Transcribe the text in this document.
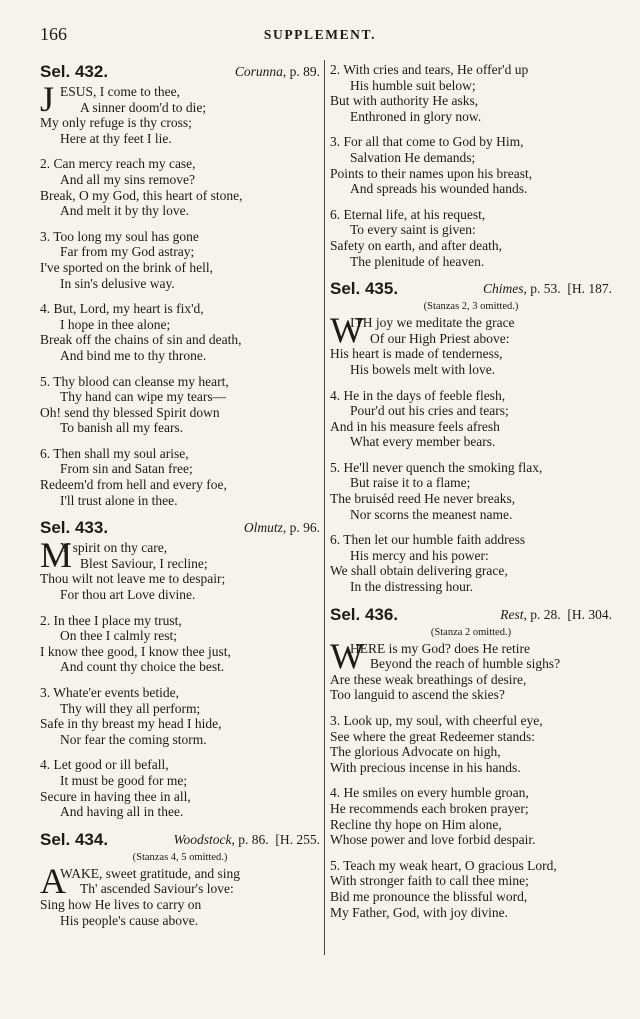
166	SUPPLEMENT.
Sel. 432.	Corunna, p. 89.
J ESUS, I come to thee,
A sinner doom'd to die;
My only refuge is thy cross;
Here at thy feet I lie.
2. Can mercy reach my case,
And all my sins remove?
Break, O my God, this heart of stone,
And melt it by thy love.
3. Too long my soul has gone
Far from my God astray;
I've sported on the brink of hell,
In sin's delusive way.
4. But, Lord, my heart is fix'd,
I hope in thee alone;
Break off the chains of sin and death,
And bind me to thy throne.
5. Thy blood can cleanse my heart,
Thy hand can wipe my tears—
Oh! send thy blessed Spirit down
To banish all my fears.
6. Then shall my soul arise,
From sin and Satan free;
Redeem'd from hell and every foe,
I'll trust alone in thee.
Sel. 433.	Olmutz, p. 96.
M
Y spirit on thy care,
Blest Saviour, I recline;
Thou wilt not leave me to despair;
For thou art Love divine.
2. In thee I place my trust,
On thee I calmly rest;
I know thee good, I know thee just,
And count thy choice the best.
3. Whate'er events betide,
Thy will they all perform;
Safe in thy breast my head I hide,
Nor fear the coming storm.
4. Let good or ill befall,
It must be good for me;
Secure in having thee in all,
And having all in thee.
Sel. 434.	Woodstock, p. 86. [H. 255.
(Stanzas 4, 5 omitted.)
A
WAKE, sweet gratitude, and sing
Th' ascended Saviour's love:
Sing how He lives to carry on
His people's cause above.
2. With cries and tears, He offer'd up
His humble suit below;
But with authority He asks,
Enthroned in glory now.
3. For all that come to God by Him,
Salvation He demands;
Points to their names upon his breast,
And spreads his wounded hands.
6. Eternal life, at his request,
To every saint is given:
Safety on earth, and after death,
The plenitude of heaven.
Sel. 435.	Chimes, p. 53. [H. 187.
(Stanzas 2, 3 omitted.)
W
ITH joy we meditate the grace
Of our High Priest above:
His heart is made of tenderness,
His bowels melt with love.
4. He in the days of feeble flesh,
Pour'd out his cries and tears;
And in his measure feels afresh
What every member bears.
5. He'll never quench the smoking flax,
But raise it to a flame;
The bruiséd reed He never breaks,
Nor scorns the meanest name.
6. Then let our humble faith address
His mercy and his power:
We shall obtain delivering grace,
In the distressing hour.
Sel. 436.	Rest, p. 28. [H. 304.
(Stanza 2 omitted.)
W
HERE is my God? does He retire
Beyond the reach of humble sighs?
Are these weak breathings of desire,
Too languid to ascend the skies?
3. Look up, my soul, with cheerful eye,
See where the great Redeemer stands:
The glorious Advocate on high,
With precious incense in his hands.
4. He smiles on every humble groan,
He recommends each broken prayer;
Recline thy hope on Him alone,
Whose power and love forbid despair.
5. Teach my weak heart, O gracious Lord,
With stronger faith to call thee mine;
Bid me pronounce the blissful word,
My Father, God, with joy divine.
